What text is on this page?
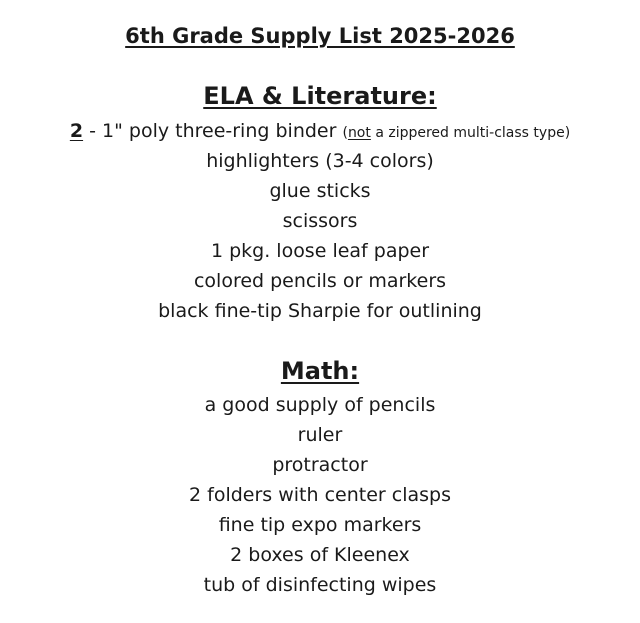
6th Grade Supply List 2025-2026
ELA & Literature:
2 - 1" poly three-ring binder (not a zippered multi-class type)
highlighters (3-4 colors)
glue sticks
scissors
1 pkg. loose leaf paper
colored pencils or markers
black fine-tip Sharpie for outlining
Math:
a good supply of pencils
ruler
protractor
2 folders with center clasps
fine tip expo markers
2 boxes of Kleenex
tub of disinfecting wipes
